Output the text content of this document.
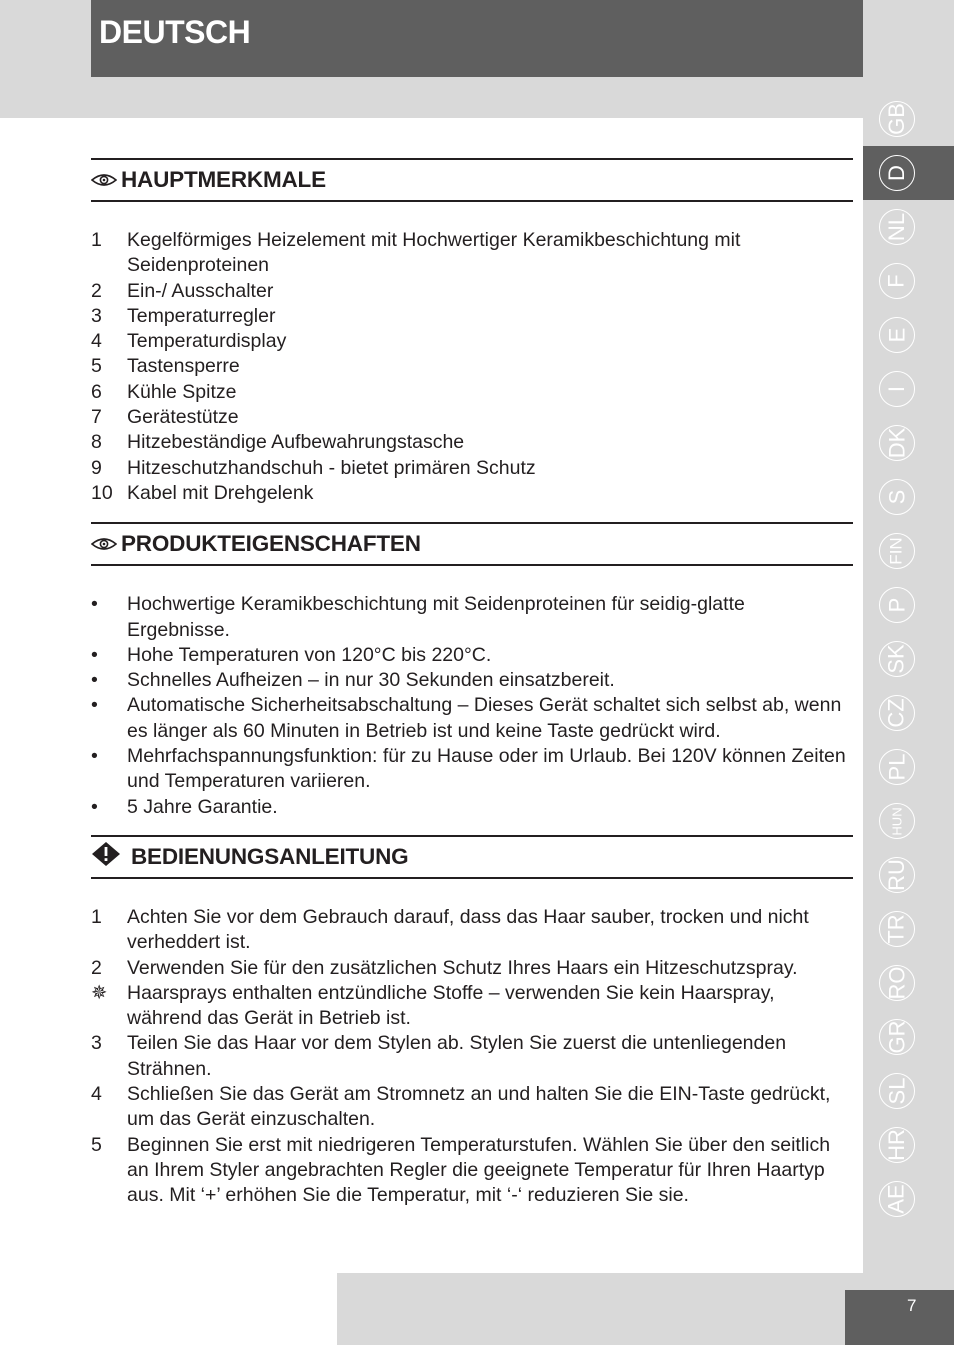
DEUTSCH
HAUPTMERKMALE
1	Kegelförmiges Heizelement mit Hochwertiger Keramikbeschichtung mit Seidenproteinen
2	Ein-/ Ausschalter
3	Temperaturregler
4	Temperaturdisplay
5	Tastensperre
6	Kühle Spitze
7	Gerätestütze
8	Hitzebeständige Aufbewahrungstasche
9	Hitzeschutzhandschuh - bietet primären Schutz
10 Kabel mit Drehgelenk
PRODUKTEIGENSCHAFTEN
•	Hochwertige Keramikbeschichtung mit Seidenproteinen für seidig-glatte Ergebnisse.
•	Hohe Temperaturen von 120°C bis 220°C.
•	Schnelles Aufheizen – in nur 30 Sekunden einsatzbereit.
•	Automatische Sicherheitsabschaltung – Dieses Gerät schaltet sich selbst ab, wenn es länger als 60 Minuten in Betrieb ist und keine Taste gedrückt wird.
•	Mehrfachspannungsfunktion: für zu Hause oder im Urlaub. Bei 120V können Zeiten und Temperaturen variieren.
•	5 Jahre Garantie.
BEDIENUNGSANLEITUNG
1	Achten Sie vor dem Gebrauch darauf, dass das Haar sauber, trocken und nicht verheddert ist.
2	Verwenden Sie für den zusätzlichen Schutz Ihres Haars ein Hitzeschutzspray.
✵	Haarsprays enthalten entzündliche Stoffe – verwenden Sie kein Haarspray, während das Gerät in Betrieb ist.
3	Teilen Sie das Haar vor dem Stylen ab. Stylen Sie zuerst die untenliegenden Strähnen.
4	Schließen Sie das Gerät am Stromnetz an und halten Sie die EIN-Taste gedrückt, um das Gerät einzuschalten.
5	Beginnen Sie erst mit niedrigeren Temperaturstufen. Wählen Sie über den seitlich an Ihrem Styler angebrachten Regler die geeignete Temperatur für Ihren Haartyp aus. Mit ‘+’ erhöhen Sie die Temperatur, mit ‘-‘ reduzieren Sie sie.
GB
D
NL
F
E
I
DK
S
FIN
P
SK
CZ
PL
HUN
RU
TR
RO
GR
SL
HR
AE
7
